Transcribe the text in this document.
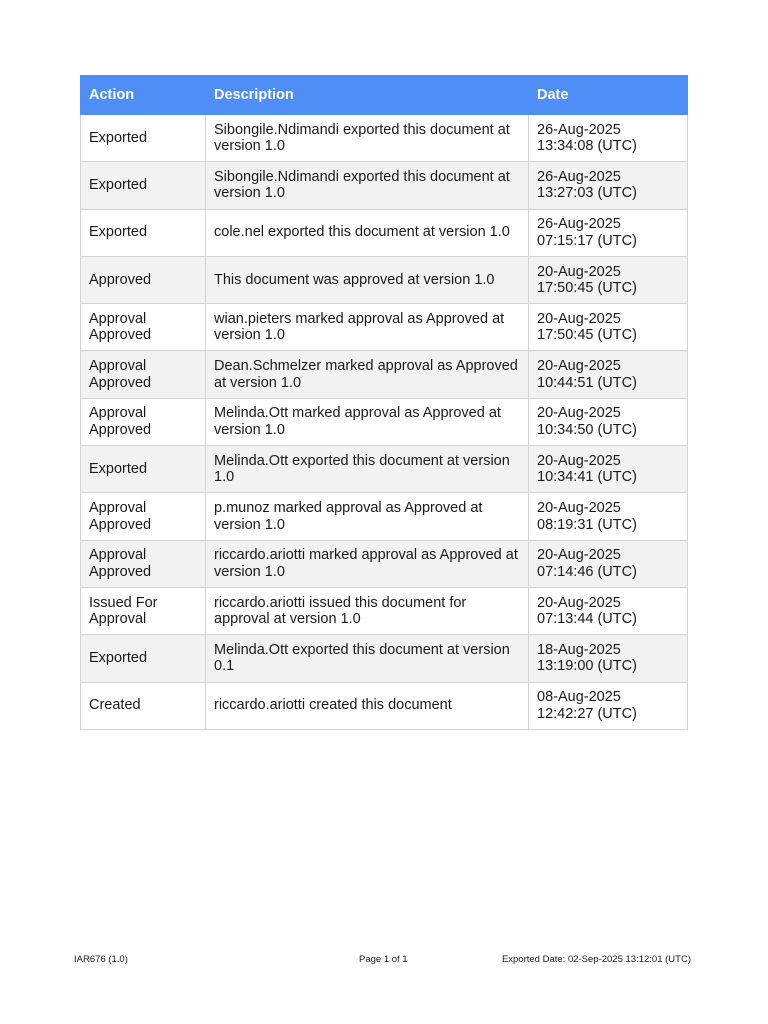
Action	Description	Date
Exported	Sibongile.Ndimandi exported this document at version 1.0	26-Aug-2025 13:34:08 (UTC)
Exported	Sibongile.Ndimandi exported this document at version 1.0	26-Aug-2025 13:27:03 (UTC)
Exported	cole.nel exported this document at version 1.0	26-Aug-2025 07:15:17 (UTC)
Approved	This document was approved at version 1.0	20-Aug-2025 17:50:45 (UTC)
Approval Approved	wian.pieters marked approval as Approved at version 1.0	20-Aug-2025 17:50:45 (UTC)
Approval Approved	Dean.Schmelzer marked approval as Approved at version 1.0	20-Aug-2025 10:44:51 (UTC)
Approval Approved	Melinda.Ott marked approval as Approved at version 1.0	20-Aug-2025 10:34:50 (UTC)
Exported	Melinda.Ott exported this document at version 1.0	20-Aug-2025 10:34:41 (UTC)
Approval Approved	p.munoz marked approval as Approved at version 1.0	20-Aug-2025 08:19:31 (UTC)
Approval Approved	riccardo.ariotti marked approval as Approved at version 1.0	20-Aug-2025 07:14:46 (UTC)
Issued For Approval	riccardo.ariotti issued this document for approval at version 1.0	20-Aug-2025 07:13:44 (UTC)
Exported	Melinda.Ott exported this document at version 0.1	18-Aug-2025 13:19:00 (UTC)
Created	riccardo.ariotti created this document	08-Aug-2025 12:42:27 (UTC)
IAR676 (1.0)	Page 1 of 1	Exported Date: 02-Sep-2025 13:12:01 (UTC)
